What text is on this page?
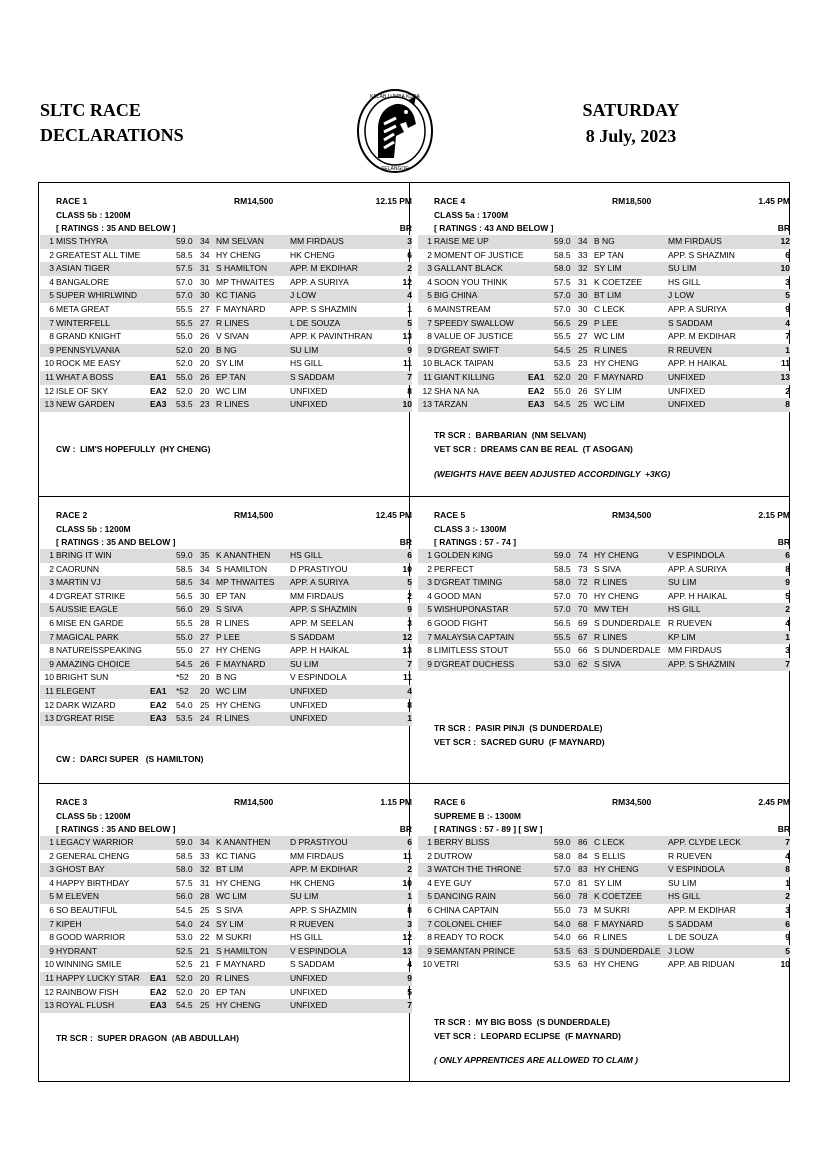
SLTC RACE
DECLARATIONS
KELAB LUMBA KUDA
SELANGOR
SATURDAY
8 July, 2023
RACE 1	RM14,500	12.15 PM
CLASS 5b : 1200M
[ RATINGS : 35 AND BELOW ]	BR
1	MISS THYRA		59.0	34	NM SELVAN	MM FIRDAUS	3
2	GREATEST ALL TIME		58.5	34	HY CHENG	HK CHENG	6
3	ASIAN TIGER		57.5	31	S HAMILTON	APP. M EKDIHAR	2
4	BANGALORE		57.0	30	MP THWAITES	APP. A SURIYA	12
5	SUPER WHIRLWIND		57.0	30	KC TIANG	J LOW	4
6	META GREAT		55.5	27	F MAYNARD	APP. S SHAZMIN	1
7	WINTERFELL		55.5	27	R LINES	L DE SOUZA	5
8	GRAND KNIGHT		55.0	26	V SIVAN	APP. K PAVINTHRAN	13
9	PENNSYLVANIA		52.0	20	B NG	SU LIM	9
10	ROCK ME EASY		52.0	20	SY LIM	HS GILL	11
11	WHAT A BOSS	EA1	55.0	26	EP TAN	S SADDAM	7
12	ISLE OF SKY	EA2	52.0	20	WC LIM	UNFIXED	8
13	NEW GARDEN	EA3	53.5	23	R LINES	UNFIXED	10
CW :  LIM'S HOPEFULLY  (HY CHENG)
RACE 4	RM18,500	1.45 PM
CLASS 5a : 1700M
[ RATINGS : 43 AND BELOW ]	BR
1	RAISE ME UP		59.0	34	B NG	MM FIRDAUS	12
2	MOMENT OF JUSTICE		58.5	33	EP TAN	APP. S SHAZMIN	6
3	GALLANT BLACK		58.0	32	SY LIM	SU LIM	10
4	SOON YOU THINK		57.5	31	K COETZEE	HS GILL	3
5	BIG CHINA		57.0	30	BT LIM	J LOW	5
6	MAINSTREAM		57.0	30	C LECK	APP. A SURIYA	9
7	SPEEDY SWALLOW		56.5	29	P LEE	S SADDAM	4
8	VALUE OF JUSTICE		55.5	27	WC LIM	APP. M EKDIHAR	7
9	D'GREAT SWIFT		54.5	25	R LINES	R REUVEN	1
10	BLACK TAIPAN		53.5	23	HY CHENG	APP. H HAIKAL	11
11	GIANT KILLING	EA1	52.0	20	F MAYNARD	UNFIXED	13
12	SHA NA NA	EA2	55.0	26	SY LIM	UNFIXED	2
13	TARZAN	EA3	54.5	25	WC LIM	UNFIXED	8
TR SCR :  BARBARIAN  (NM SELVAN)
VET SCR :  DREAMS CAN BE REAL  (T ASOGAN)
(WEIGHTS HAVE BEEN ADJUSTED ACCORDINGLY  +3KG)
RACE 2	RM14,500	12.45 PM
CLASS 5b : 1200M
[ RATINGS : 35 AND BELOW ]	BR
1	BRING IT WIN		59.0	35	K ANANTHEN	HS GILL	6
2	CAORUNN		58.5	34	S HAMILTON	D PRASTIYOU	10
3	MARTIN VJ		58.5	34	MP THWAITES	APP. A SURIYA	5
4	D'GREAT STRIKE		56.5	30	EP TAN	MM FIRDAUS	2
5	AUSSIE EAGLE		56.0	29	S SIVA	APP. S SHAZMIN	9
6	MISE EN GARDE		55.5	28	R LINES	APP. M SEELAN	3
7	MAGICAL PARK		55.0	27	P LEE	S SADDAM	12
8	NATUREISSPEAKING		55.0	27	HY CHENG	APP. H HAIKAL	13
9	AMAZING CHOICE		54.5	26	F MAYNARD	SU LIM	7
10	BRIGHT SUN		*52	20	B NG	V ESPINDOLA	11
11	ELEGENT	EA1	*52	20	WC LIM	UNFIXED	4
12	DARK WIZARD	EA2	54.0	25	HY CHENG	UNFIXED	8
13	D'GREAT RISE	EA3	53.5	24	R LINES	UNFIXED	1
CW :  DARCI SUPER   (S HAMILTON)
RACE 5	RM34,500	2.15 PM
CLASS 3 :- 1300M
[ RATINGS : 57 - 74 ]	BR
1	GOLDEN KING		59.0	74	HY CHENG	V ESPINDOLA	6
2	PERFECT		58.5	73	S SIVA	APP. A SURIYA	8
3	D'GREAT TIMING		58.0	72	R LINES	SU LIM	9
4	GOOD MAN		57.0	70	HY CHENG	APP. H HAIKAL	5
5	WISHUPONASTAR		57.0	70	MW TEH	HS GILL	2
6	GOOD FIGHT		56.5	69	S DUNDERDALE	R RUEVEN	4
7	MALAYSIA CAPTAIN		55.5	67	R LINES	KP LIM	1
8	LIMITLESS STOUT		55.0	66	S DUNDERDALE	MM FIRDAUS	3
9	D'GREAT DUCHESS		53.0	62	S SIVA	APP. S SHAZMIN	7
TR SCR :  PASIR PINJI  (S DUNDERDALE)
VET SCR :  SACRED GURU  (F MAYNARD)
RACE 3	RM14,500	1.15 PM
CLASS 5b : 1200M
[ RATINGS : 35 AND BELOW ]	BR
1	LEGACY WARRIOR		59.0	34	K ANANTHEN	D PRASTIYOU	6
2	GENERAL CHENG		58.5	33	KC TIANG	MM FIRDAUS	11
3	GHOST BAY		58.0	32	BT LIM	APP. M EKDIHAR	2
4	HAPPY BIRTHDAY		57.5	31	HY CHENG	HK CHENG	10
5	M ELEVEN		56.0	28	WC LIM	SU LIM	1
6	SO BEAUTIFUL		54.5	25	S SIVA	APP. S SHAZMIN	8
7	KIPEH		54.0	24	SY LIM	R RUEVEN	3
8	GOOD WARRIOR		53.0	22	M SUKRI	HS GILL	12
9	HYDRANT		52.5	21	S HAMILTON	V ESPINDOLA	13
10	WINNING SMILE		52.5	21	F MAYNARD	S SADDAM	4
11	HAPPY LUCKY STAR	EA1	52.0	20	R LINES	UNFIXED	9
12	RAINBOW FISH	EA2	52.0	20	EP TAN	UNFIXED	5
13	ROYAL FLUSH	EA3	54.5	25	HY CHENG	UNFIXED	7
TR SCR :  SUPER DRAGON  (AB ABDULLAH)
RACE 6	RM34,500	2.45 PM
SUPREME B :- 1300M
[ RATINGS : 57 - 89 ] [ SW ]	BR
1	BERRY BLISS		59.0	86	C LECK	APP. CLYDE LECK	7
2	DUTROW		58.0	84	S ELLIS	R RUEVEN	4
3	WATCH THE THRONE		57.0	83	HY CHENG	V ESPINDOLA	8
4	EYE GUY		57.0	81	SY LIM	SU LIM	1
5	DANCING RAIN		56.0	78	K COETZEE	HS GILL	2
6	CHINA CAPTAIN		55.0	73	M SUKRI	APP. M EKDIHAR	3
7	COLONEL CHIEF		54.0	68	F MAYNARD	S SADDAM	6
8	READY TO ROCK		54.0	66	R LINES	L DE SOUZA	9
9	SEMANTAN PRINCE		53.5	63	S DUNDERDALE	J LOW	5
10	VETRI		53.5	63	HY CHENG	APP. AB RIDUAN	10
TR SCR :  MY BIG BOSS  (S DUNDERDALE)
VET SCR :  LEOPARD ECLIPSE  (F MAYNARD)
( ONLY APPRENTICES ARE ALLOWED TO CLAIM )
